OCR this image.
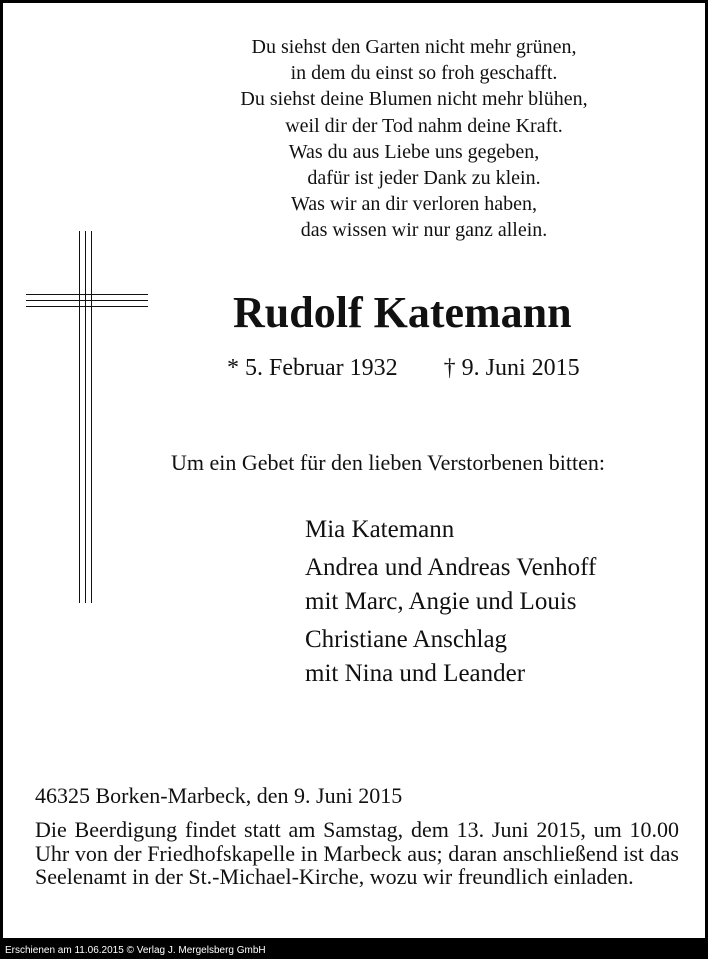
Du siehst den Garten nicht mehr grünen,
in dem du einst so froh geschafft.
Du siehst deine Blumen nicht mehr blühen,
weil dir der Tod nahm deine Kraft.
Was du aus Liebe uns gegeben,
dafür ist jeder Dank zu klein.
Was wir an dir verloren haben,
das wissen wir nur ganz allein.
Rudolf Katemann
* 5. Februar 1932 † 9. Juni 2015
Um ein Gebet für den lieben Verstorbenen bitten:
Mia Katemann
Andrea und Andreas Venhoff
mit Marc, Angie und Louis
Christiane Anschlag
mit Nina und Leander
46325 Borken-Marbeck, den 9. Juni 2015
Die Beerdigung findet statt am Samstag, dem 13. Juni 2015, um 10.00 Uhr von der Friedhofskapelle in Marbeck aus; daran anschließend ist das Seelenamt in der St.-Michael-Kirche, wozu wir freundlich einladen.
Erschienen am 11.06.2015 © Verlag J. Mergelsberg GmbH
